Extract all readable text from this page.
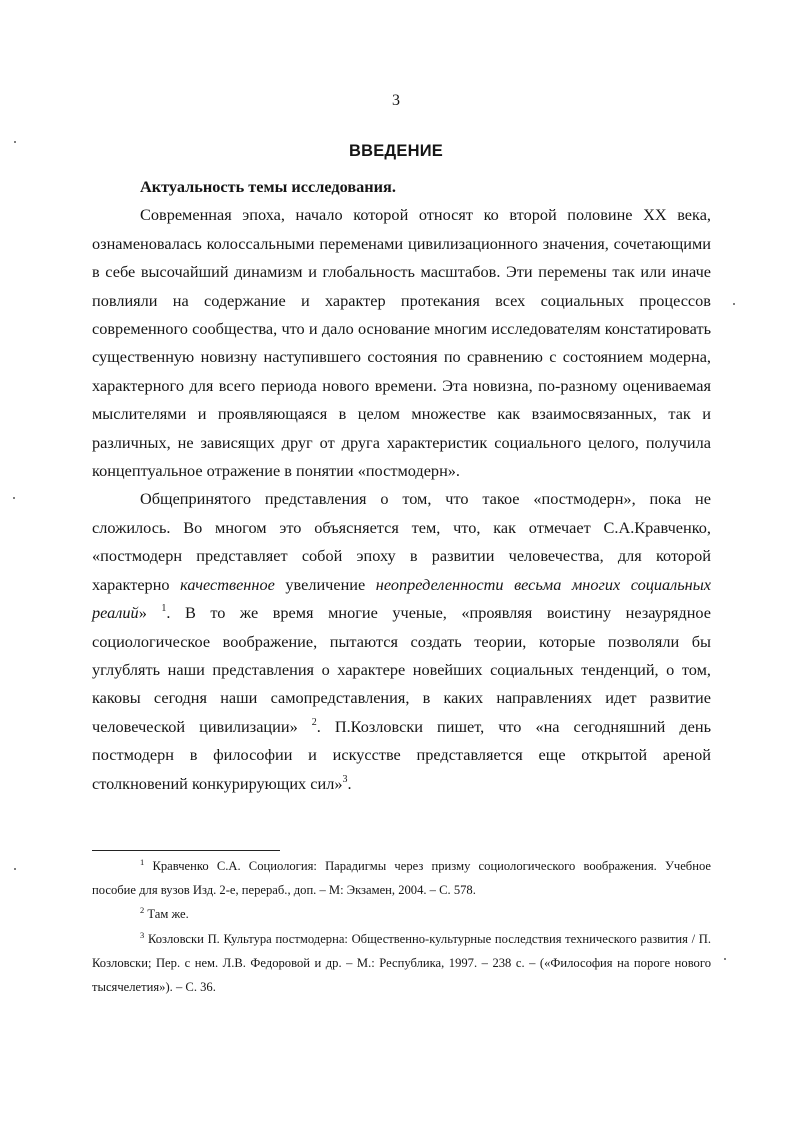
3
ВВЕДЕНИЕ

Актуальность темы исследования.

Современная эпоха, начало которой относят ко второй половине XX века, ознаменовалась колоссальными переменами цивилизационного значения, сочетающими в себе высочайший динамизм и глобальность масштабов. Эти перемены так или иначе повлияли на содержание и характер протекания всех социальных процессов современного сообщества, что и дало основание многим исследователям констатировать существенную новизну наступившего состояния по сравнению с состоянием модерна, характерного для всего периода нового времени. Эта новизна, по-разному оцениваемая мыслителями и проявляющаяся в целом множестве как взаимосвязанных, так и различных, не зависящих друг от друга характеристик социального целого, получила концептуальное отражение в понятии «постмодерн».

Общепринятого представления о том, что такое «постмодерн», пока не сложилось. Во многом это объясняется тем, что, как отмечает С.А.Кравченко, «постмодерн представляет собой эпоху в развитии человечества, для которой характерно качественное увеличение неопределенности весьма многих социальных реалий» $^1$. В то же время многие ученые, «проявляя воистину незаурядное социологическое воображение, пытаются создать теории, которые позволяли бы углублять наши представления о характере новейших социальных тенденций, о том, каковы сегодня наши самопредставления, в каких направлениях идет развитие человеческой цивилизации» $^2$. П.Козловски пишет, что «на сегодняшний день постмодерн в философии и искусстве представляется еще открытой ареной столкновений конкурирующих сил»$^3$.

$^1$ Кравченко С.А. Социология: Парадигмы через призму социологического воображения. Учебное пособие для вузов Изд. 2-е, перераб., доп. – М: Экзамен, 2004. – С. 578.

$^2$ Там же.

$^3$ Козловски П. Культура постмодерна: Общественно-культурные последствия технического развития / П. Козловски; Пер. с нем. Л.В. Федоровой и др. – М.: Республика, 1997. – 238 с. – («Философия на пороге нового тысячелетия»). – С. 36.
